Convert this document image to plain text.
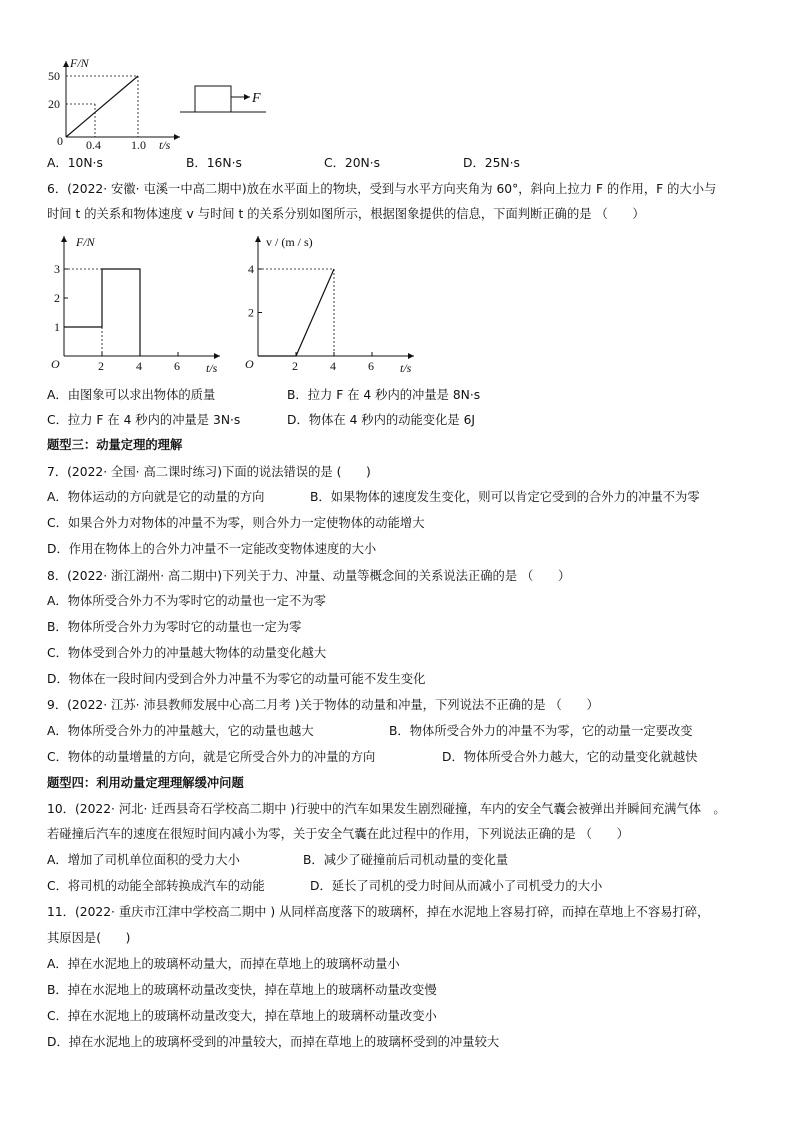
F/N
t/s
50
20
0 0.4	1.0
F
A．10N·s	B．16N·s	C．20N·s	D．25N·s
6．(2022· 安徽· 屯溪一中高二期中)放在水平面上的物块，受到与水平方向夹角为 60°，斜向上拉力 F 的作用，F 的大小与
时间 t 的关系和物体速度 v 与时间 t 的关系分别如图所示，根据图象提供的信息，下面判断正确的是 （　　）
F/N
t/s
O	2	4	6
1
2
3
v / (m / s)
t/s
O	2	4	6
2
4
A．由图象可以求出物体的质量	B．拉力 F 在 4 秒内的冲量是 8N·s
C．拉力 F 在 4 秒内的冲量是 3N·s	D．物体在 4 秒内的动能变化是 6J
题型三：动量定理的理解
7．(2022· 全国· 高二课时练习)下面的说法错误的是 (　　)
A．物体运动的方向就是它的动量的方向	B．如果物体的速度发生变化，则可以肯定它受到的合外力的冲量不为零
C．如果合外力对物体的冲量不为零，则合外力一定使物体的动能增大
D．作用在物体上的合外力冲量不一定能改变物体速度的大小
8．(2022· 浙江湖州· 高二期中)下列关于力、冲量、动量等概念间的关系说法正确的是 （　　）
A．物体所受合外力不为零时它的动量也一定不为零
B．物体所受合外力为零时它的动量也一定为零
C．物体受到合外力的冲量越大物体的动量变化越大
D．物体在一段时间内受到合外力冲量不为零它的动量可能不发生变化
9．(2022· 江苏· 沛县教师发展中心高二月考 )关于物体的动量和冲量，下列说法不正确的是 （　　）
A．物体所受合外力的冲量越大，它的动量也越大	B．物体所受合外力的冲量不为零，它的动量一定要改变
C．物体的动量增量的方向，就是它所受合外力的冲量的方向	D．物体所受合外力越大，它的动量变化就越快
题型四：利用动量定理理解缓冲问题
10．(2022· 河北· 迁西县奇石学校高二期中 )行驶中的汽车如果发生剧烈碰撞，车内的安全气囊会被弹出并瞬间充满气体　。
若碰撞后汽车的速度在很短时间内减小为零，关于安全气囊在此过程中的作用，下列说法正确的是 （　　）
A．增加了司机单位面积的受力大小	B．减少了碰撞前后司机动量的变化量
C．将司机的动能全部转换成汽车的动能	D．延长了司机的受力时间从而减小了司机受力的大小
11．(2022· 重庆市江津中学校高二期中 ) 从同样高度落下的玻璃杯，掉在水泥地上容易打碎，而掉在草地上不容易打碎，
其原因是(　　)
A．掉在水泥地上的玻璃杯动量大，而掉在草地上的玻璃杯动量小
B．掉在水泥地上的玻璃杯动量改变快，掉在草地上的玻璃杯动量改变慢
C．掉在水泥地上的玻璃杯动量改变大，掉在草地上的玻璃杯动量改变小
D．掉在水泥地上的玻璃杯受到的冲量较大，而掉在草地上的玻璃杯受到的冲量较大
